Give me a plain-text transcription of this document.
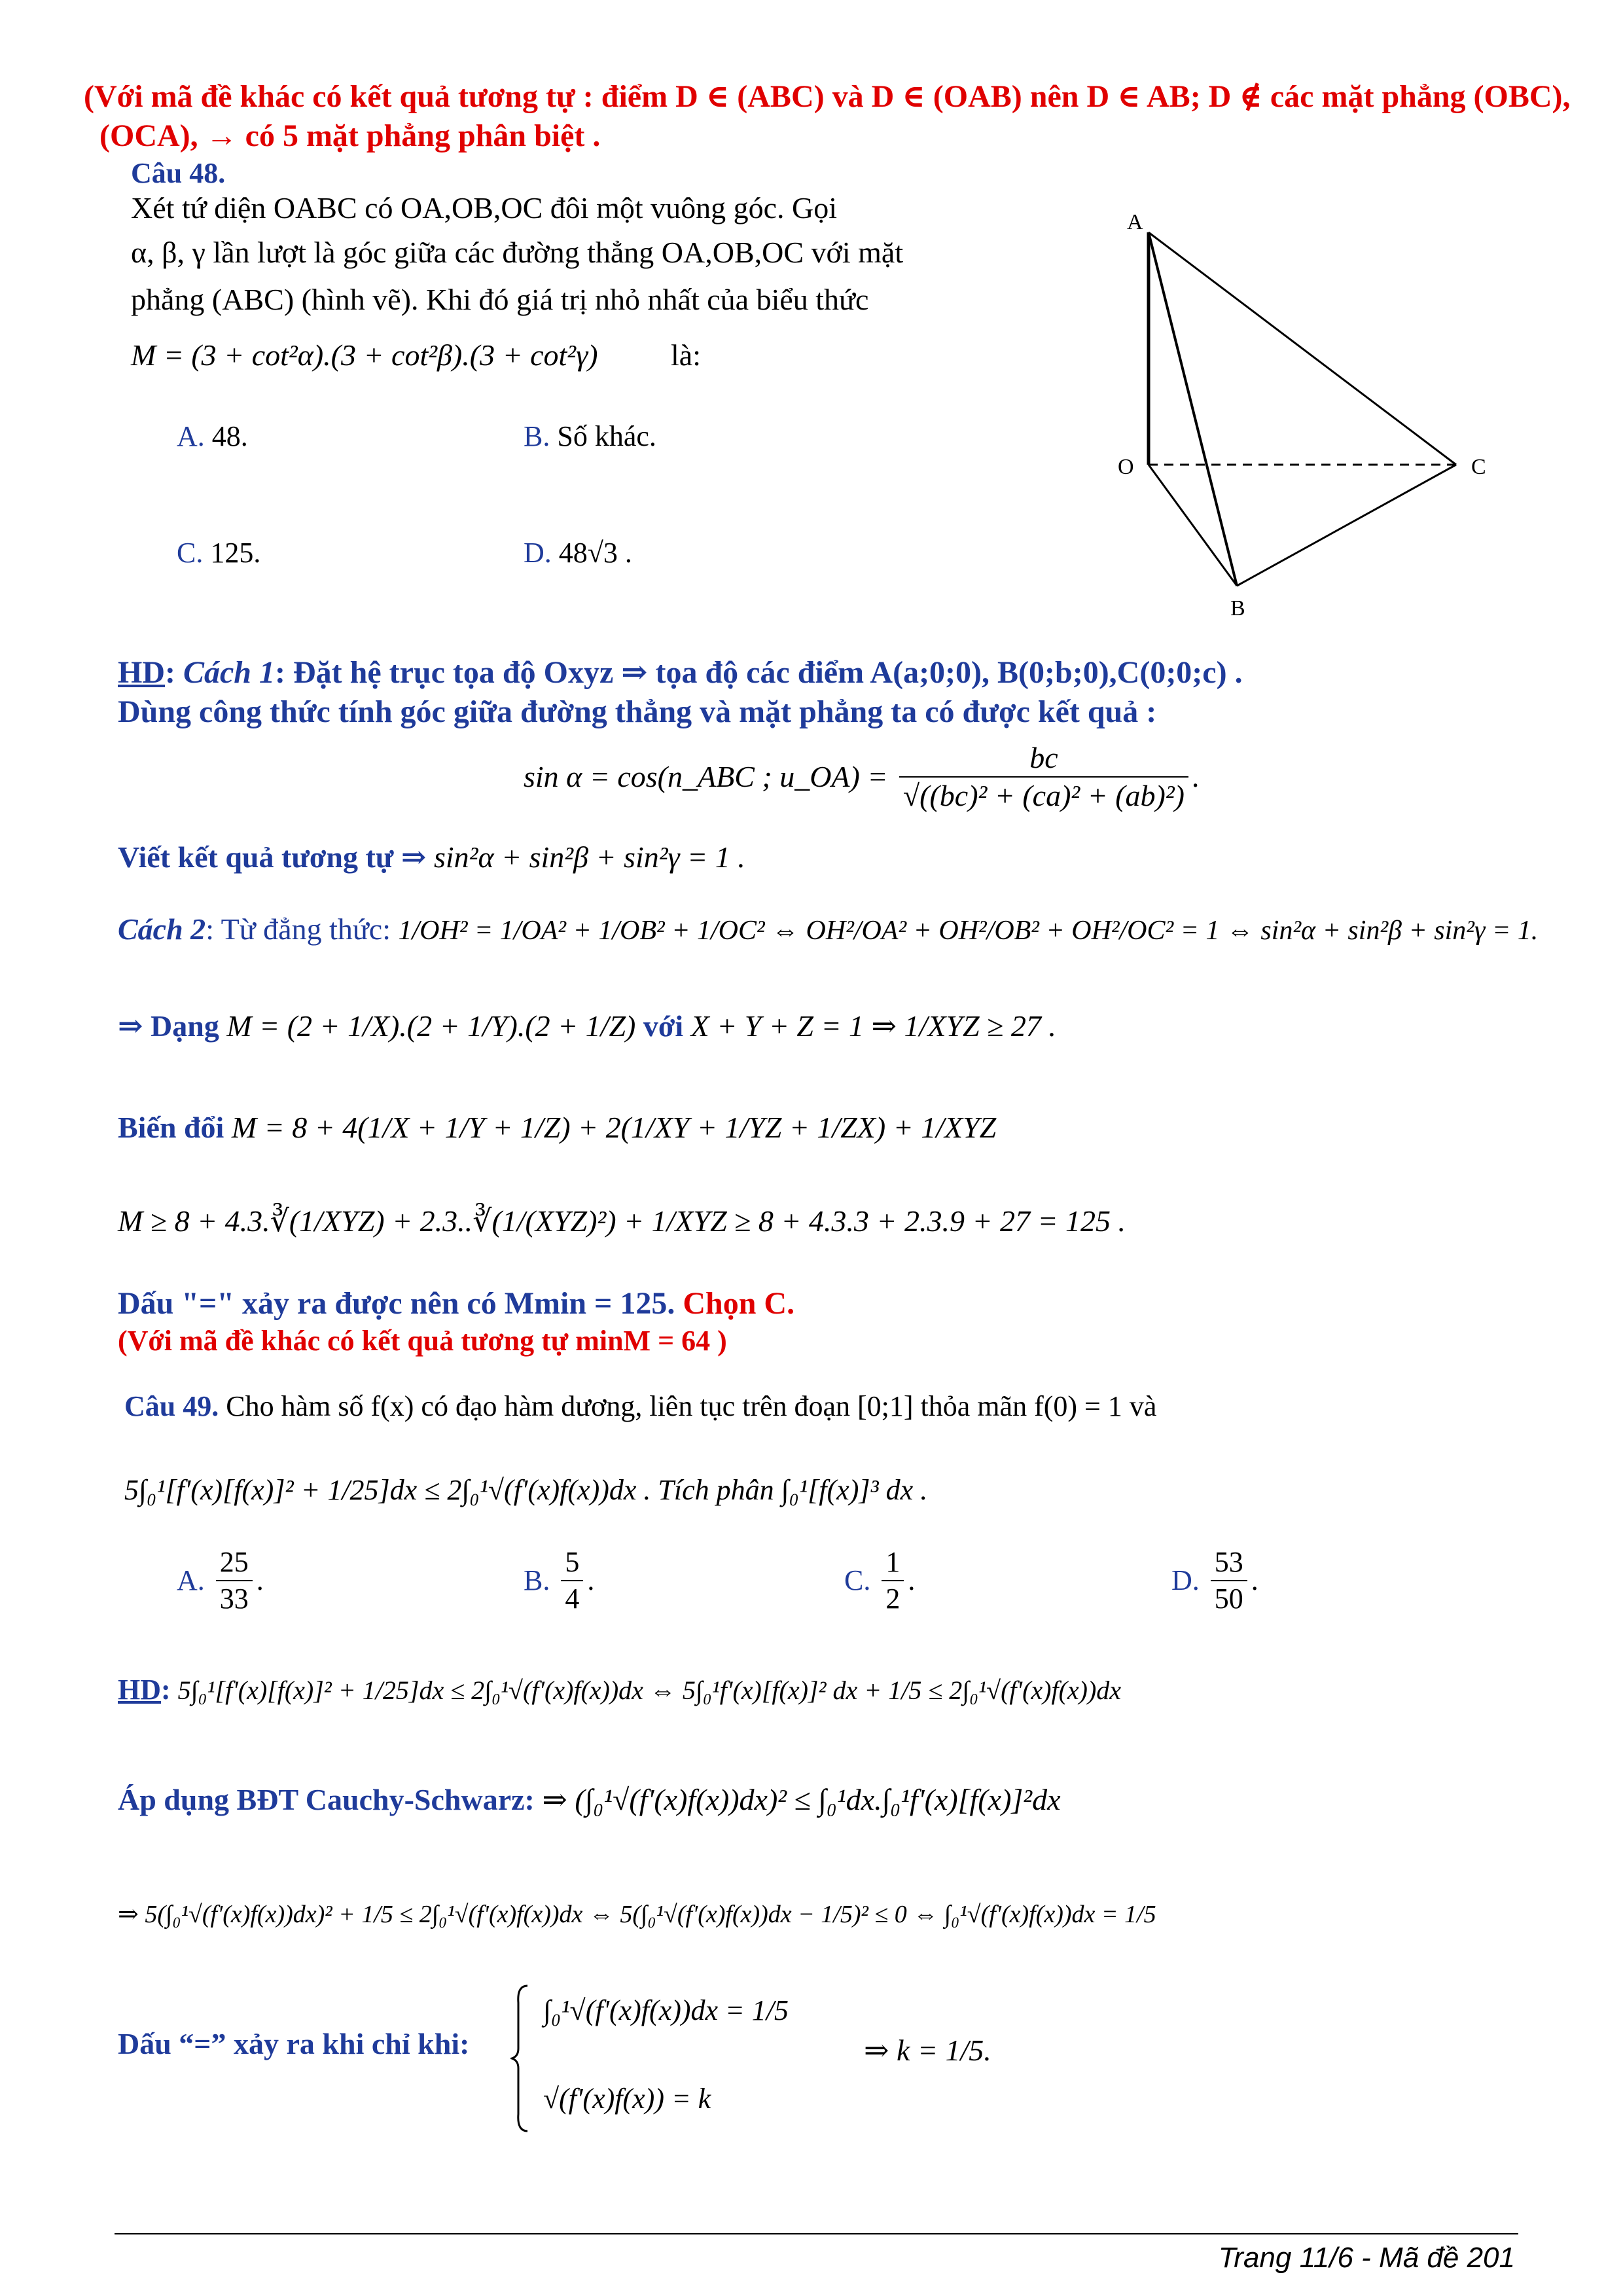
(Với mã đề khác có kết quả tương tự : điểm D ∈ (ABC) và D ∈ (OAB) nên D ∈ AB; D ∉ các mặt phẳng (OBC),
(OCA), → có 5 mặt phẳng phân biệt .
Câu 48.
Xét tứ diện OABC có OA,OB,OC đôi một vuông góc. Gọi
α, β, γ lần lượt là góc giữa các đường thẳng OA,OB,OC với mặt
phẳng (ABC) (hình vẽ). Khi đó giá trị nhỏ nhất của biểu thức
M = (3 + cot²α).(3 + cot²β).(3 + cot²γ) là:
A. 48.	B. Số khác.
C. 125.	D. 48√3 .
A
O	C
B
HD: Cách 1: Đặt hệ trục tọa độ Oxyz ⇒ tọa độ các điểm A(a;0;0), B(0;b;0),C(0;0;c) .
Dùng công thức tính góc giữa đường thẳng và mặt phẳng ta có được kết quả :
sin α = cos(n_ABC ; u_OA) = $\frac{bc}{\text{√((bc)² + (ca)² + (ab)²)}}$ .
Viết kết quả tương tự ⇒ sin²α + sin²β + sin²γ = 1 .
Cách 2: Từ đẳng thức: 1/OH² = 1/OA² + 1/OB² + 1/OC² ⇔ OH²/OA² + OH²/OB² + OH²/OC² = 1 ⇔ sin²α + sin²β + sin²γ = 1.
⇒ Dạng M = (2 + 1/X).(2 + 1/Y).(2 + 1/Z) với X + Y + Z = 1 ⇒ 1/XYZ ≥ 27 .
Biến đổi M = 8 + 4(1/X + 1/Y + 1/Z) + 2(1/XY + 1/YZ + 1/ZX) + 1/XYZ
M ≥ 8 + 4.3.∛(1/XYZ) + 2.3..∛(1/(XYZ)²) + 1/XYZ ≥ 8 + 4.3.3 + 2.3.9 + 27 = 125 .
Dấu "=" xảy ra được nên có Mmin = 125. Chọn C.
(Với mã đề khác có kết quả tương tự minM = 64 )
Câu 49. Cho hàm số f(x) có đạo hàm dương, liên tục trên đoạn [0;1] thỏa mãn f(0) = 1 và
5∫₀¹[f'(x)[f(x)]² + 1/25]dx ≤ 2∫₀¹√(f'(x)f(x))dx . Tích phân ∫₀¹[f(x)]³ dx .
A. $\frac{25}{33}$ .	B. $\frac{5}{4}$ .	C. $\frac{1}{2}$ .	D. $\frac{53}{50}$ .
HD: 5∫₀¹[f'(x)[f(x)]² + 1/25]dx ≤ 2∫₀¹√(f'(x)f(x))dx ⇔ 5∫₀¹f'(x)[f(x)]² dx + 1/5 ≤ 2∫₀¹√(f'(x)f(x))dx
Áp dụng BĐT Cauchy-Schwarz: ⇒ (∫₀¹√(f'(x)f(x))dx)² ≤ ∫₀¹dx.∫₀¹f'(x)[f(x)]²dx
⇒ 5(∫₀¹√(f'(x)f(x))dx)² + 1/5 ≤ 2∫₀¹√(f'(x)f(x))dx ⇔ 5(∫₀¹√(f'(x)f(x))dx − 1/5)² ≤ 0 ⇔ ∫₀¹√(f'(x)f(x))dx = 1/5
Dấu “=” xảy ra khi chỉ khi:
∫₀¹√(f'(x)f(x))dx = 1/5
√(f'(x)f(x)) = k
⇒ k = 1/5.
Trang 11/6 - Mã đề 201
